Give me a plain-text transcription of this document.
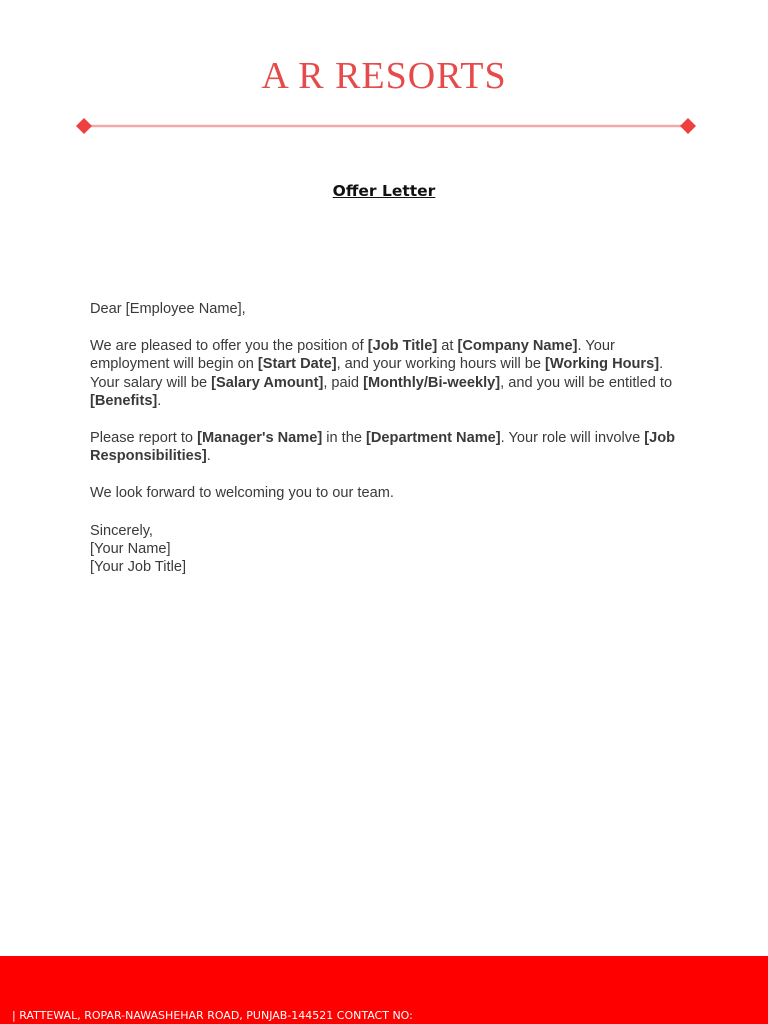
A R RESORTS
Offer Letter

Dear [Employee Name],

We are pleased to offer you the position of [Job Title] at [Company Name]. Your employment will begin on [Start Date], and your working hours will be [Working Hours]. Your salary will be [Salary Amount], paid [Monthly/Bi-weekly], and you will be entitled to [Benefits].

Please report to [Manager's Name] in the [Department Name]. Your role will involve [Job Responsibilities].

We look forward to welcoming you to our team.

Sincerely,
[Your Name]
[Your Job Title]

| RATTEWAL, ROPAR-NAWASHEHAR ROAD, PUNJAB-144521 CONTACT NO:
